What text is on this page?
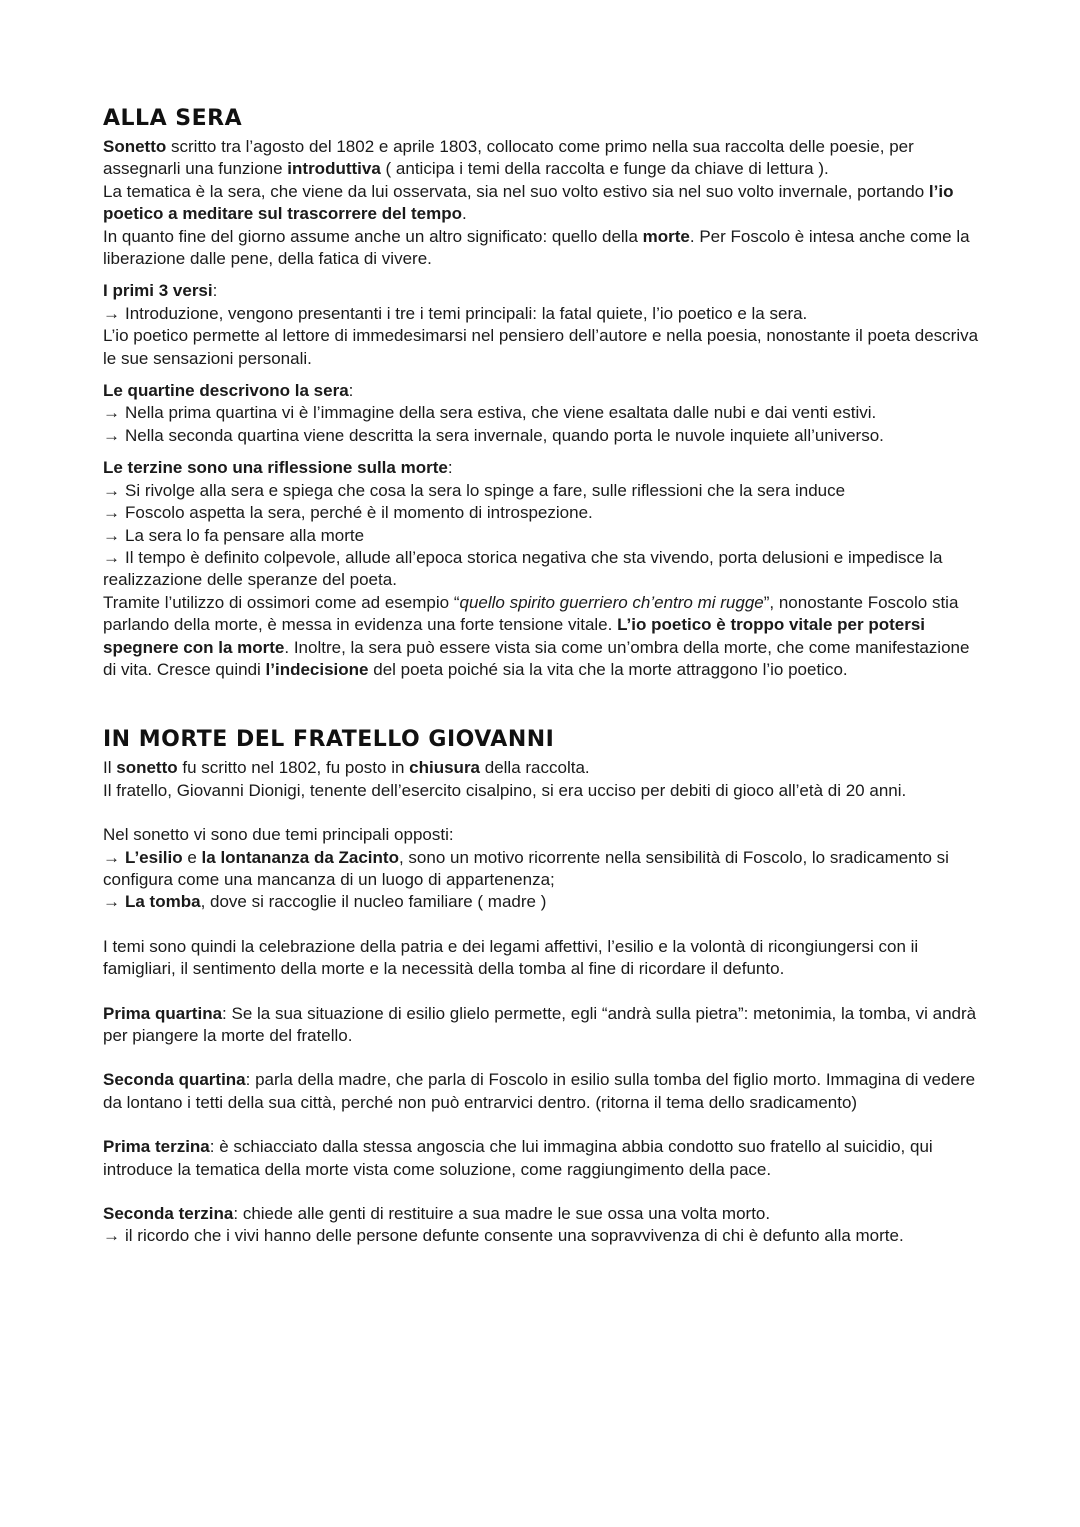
ALLA SERA

Sonetto scritto tra l’agosto del 1802 e aprile 1803, collocato come primo nella sua raccolta delle poesie, per assegnarli una funzione introduttiva ( anticipa i temi della raccolta e funge da chiave di lettura ).

La tematica è la sera, che viene da lui osservata, sia nel suo volto estivo sia nel suo volto invernale, portando l’io poetico a meditare sul trascorrere del tempo.

In quanto fine del giorno assume anche un altro significato: quello della morte. Per Foscolo è intesa anche come la liberazione dalle pene, della fatica di vivere.

I primi 3 versi:

→ Introduzione, vengono presentanti i tre i temi principali: la fatal quiete, l’io poetico e la sera.

L’io poetico permette al lettore di immedesimarsi nel pensiero dell’autore e nella poesia, nonostante il poeta descriva le sue sensazioni personali.

Le quartine descrivono la sera:

→ Nella prima quartina vi è l’immagine della sera estiva, che viene esaltata dalle nubi e dai venti estivi.

→ Nella seconda quartina viene descritta la sera invernale, quando porta le nuvole inquiete all’universo.

Le terzine sono una riflessione sulla morte:

→ Si rivolge alla sera e spiega che cosa la sera lo spinge a fare, sulle riflessioni che la sera induce

→ Foscolo aspetta la sera, perché è il momento di introspezione.

→ La sera lo fa pensare alla morte

→ Il tempo è definito colpevole, allude all’epoca storica negativa che sta vivendo, porta delusioni e impedisce la realizzazione delle speranze del poeta.

Tramite l’utilizzo di ossimori come ad esempio “quello spirito guerriero ch’entro mi rugge”, nonostante Foscolo stia parlando della morte, è messa in evidenza una forte tensione vitale. L’io poetico è troppo vitale per potersi spegnere con la morte. Inoltre, la sera può essere vista sia come un’ombra della morte, che come manifestazione di vita. Cresce quindi l’indecisione del poeta poiché sia la vita che la morte attraggono l’io poetico.

IN MORTE DEL FRATELLO GIOVANNI

Il sonetto fu scritto nel 1802, fu posto in chiusura della raccolta.

Il fratello, Giovanni Dionigi, tenente dell’esercito cisalpino, si era ucciso per debiti di gioco all’età di 20 anni.

Nel sonetto vi sono due temi principali opposti:

→ L’esilio e la lontananza da Zacinto, sono un motivo ricorrente nella sensibilità di Foscolo, lo sradicamento si configura come una mancanza di un luogo di appartenenza;

→ La tomba, dove si raccoglie il nucleo familiare ( madre )

I temi sono quindi la celebrazione della patria e dei legami affettivi, l’esilio e la volontà di ricongiungersi con ii famigliari, il sentimento della morte e la necessità della tomba al fine di ricordare il defunto.

Prima quartina: Se la sua situazione di esilio glielo permette, egli “andrà sulla pietra”: metonimia, la tomba, vi andrà per piangere la morte del fratello.

Seconda quartina: parla della madre, che parla di Foscolo in esilio sulla tomba del figlio morto. Immagina di vedere da lontano i tetti della sua città, perché non può entrarvici dentro. (ritorna il tema dello sradicamento)

Prima terzina: è schiacciato dalla stessa angoscia che lui immagina abbia condotto suo fratello al suicidio, qui introduce la tematica della morte vista come soluzione, come raggiungimento della pace.

Seconda terzina: chiede alle genti di restituire a sua madre le sue ossa una volta morto.

→ il ricordo che i vivi hanno delle persone defunte consente una sopravvivenza di chi è defunto alla morte.
